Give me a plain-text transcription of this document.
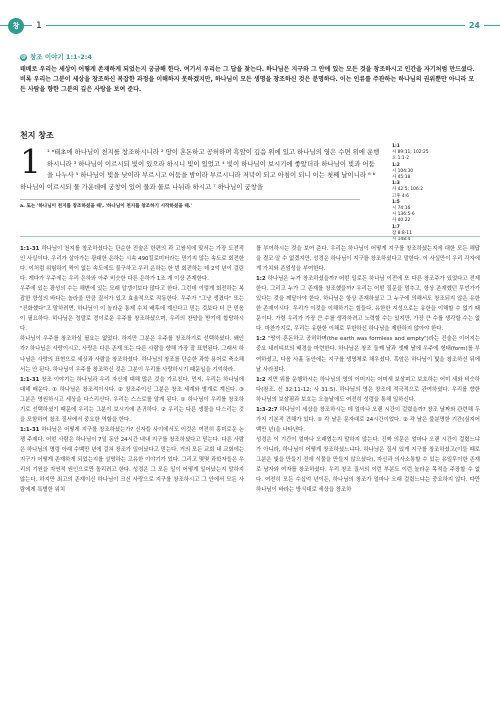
창	1	24
@ 창조 이야기 1:1-2:4

태배로 우리는 세상이 어떻게 존재하게 되었는지 궁금해 한다. 여기서 우리는 그 답을 찾는다. 하나님은 지구와 그 안에 있는 모든 것을 창조하시고 인간을 자기처럼 만드셨다. 비록 우리는 그분이 세상을 창조하신 복잡한 과정을 이해하지 못하겠지만, 하나님이 모든 생명을 창조하신 것은 분명하다. 이는 인류를 주관하는 하나님의 권위뿐만 아니라 모든 사람을 향한 그분의 깊은 사랑을 보여 준다.

천지 창조
1 ¹ ᵃ태초에 하나님이 천지를 창조하시니라 ² 땅이 혼돈하고 공허하며 흑암이 깊음 위에 있고 하나님의 영은 수면 위에 운행하시니라 ³ 하나님이 이르시되 빛이 있으라 하시니 빛이 있었고 ⁴ 빛이 하나님이 보시기에 좋았더라 하나님이 빛과 어둠을 나누사 ⁵ 하나님이 빛을 낮이라 부르시고 어둠을 밤이라 부르시니라 저녁이 되고 아침이 되니 이는 첫째 날이니라 ⁶ ᵇ하나님이 이르시되 물 가운데에 궁창이 있어 물과 물로 나뉘라 하시고 ⁷ 하나님이 궁창을
a. 또는 '하나님이 천지를 창조하셨을 때', '하나님이 천지를 창조하기 시작하셨을 때.'
1:1
시 89:11; 102:25
요 1:1-2
1:2
시 104:30
사 45:18
1:3
사 42:5; 106:2
고후 4:6
1:5
시 74:16
시 136:5-6
사 40:22
1:7
잠 8:8-11
시 148:4

1:1-31 하나님이 천지를 창조하셨다는 단순한 진술은 한편의 과 고쌍식에 맞서는 가장 도전적인 사실이다. 우리가 살아가는 광대한 은하는 시속 490킬로미터라는 믿기지 않는 속도로 회전한다. 이처럼 위험하기 짝이 없는 속도에도 불구하고 우리 은하는 한 번 회전하는 데 2억 년이 걸린다. 게다가 우주에는 우리 은하와 아주 비슷한 다른 은하가 1조 개 이상 존재한다.

우주에 있는 광성의 수는 해변에 있는 모래 알갱이보다 많다고 한다. 그런데 이렇게 회전하는 복잡한 항성의 바다는 놀라울 만큼 질서가 있고 효율적으로 작동한다. 우주가 "그냥 생겼다" 또는 "진화했다"고 말하려면, 하나님이 이 놀라운 통제 수치 배후에 계신다고 믿는 것보다 더 큰 믿음이 필요하다. 하나님은 정말로 경이로운 우주를 창조하셨으며, 우리의 찬양을 받기에 합당하시다.

하나님이 우주를 창조하실 필요는 없었다. 하지만 그분은 우주를 창조하기로 선택하셨다. 왜인가? 하나님은 사랑이시고, 사랑은 다른 존재 또는 다른 사람을 향해 가장 잘 표현된다. 그래서 하나님은 사랑의 표현으로 세상과 사람을 창조하셨다. 하나님의 창조를 단순한 과학 용어로 축소해서는 안 된다. 하나님이 우주를 창조하신 것은 그분이 우리를 사랑하시기 때문임을 기억하라.

1:1-31 창조 이야기는 하나님과 우리 자신에 대해 많은 것을 가르친다. 먼저, 우리는 하나님에 대해 배운다. ① 하나님은 창조적이시다. ② 창조주이신 그분은 창조 세계와 별개로 계신다. ③ 그분은 영원하시고 세상을 다스리신다. 우리는 스스로를 알게 된다. ① 하나님이 우리를 창조하기로 선택하셨기 때문에 우리는 그분이 보시기에 존귀하다. ② 우리는 다른 생물을 다스리는 것을 포함하여 창조 질서에서 중요한 역할을 한다.

1:1-31 하나님은 어떻게 지구를 창조하셨는가? 신자들 사이에서도 이것은 여전히 흥미로운 논쟁 주제다. 어떤 사람은 하나님이 7일 동안 24시간 내내 지구를 창조하셨다고 믿는다. 다른 사람은 하나님의 명령 아래 수백만 년에 걸쳐 창조가 일어났다고 믿는다. 거의 모든 교회 내 교회에는 지구가 어떻게 존재하게 되었는지를 설명하는 고유한 이야기가 있다. 그리고 몇몇 과학자들은 우리의 기원을 자연적 원인으로만 돌리려고 한다. 성경은 그 모든 일이 어떻게 일어났는지 말하지 않는다. 하지만 최고의 존재이신 하나님이 크신 사랑으로 지구를 창조하시고 그 안에서 모든 사람에게 특별한 위치

를 부여하시는 것을 보여 준다. 우리는 하나님이 어떻게 지구를 창조하셨는지에 대한 모든 해답을 결코 알 수 없겠지만, 성경은 하나님이 지구를 창조하셨다고 말한다. 이 사실만이 우리 각자에게 가치와 존엄성을 부여한다.

1:2 하나님은 누가 창조하셨을까? 어떤 일로든 하나님 이전에 또 다른 창조주가 있었다고 전제한다. 그리고 누가 그 존재를 창조했을까? 우리는 어떤 질문을 멈추고, 항상 존재했던 무언가가 있다는 것을 깨달아야 한다. 하나님은 항상 존재하셨고 그 누구에 의해서도 창조되지 않은 유한한 존재이시다. 우리가 이것을 이해하기는 힘들다. 유한한 지성으로는 유한을 이해할 수 없기 때문이다. 가령 우리가 가장 큰 수를 생각하려고 노력할 수는 있지만, 가장 큰 수를 생각할 수는 없다. 마찬가지로, 우리는 유한한 이해로 무한하신 하나님을 제한하지 않아야 한다.

1:2 "땅이 혼돈하고 공허하며(the earth was formless and empty")라는 진술은 이어지는 중요 내러티브의 배경을 마련한다. 하나님은 창조 둘째 날과 셋째 날에 우주에 형태(form)를 부여하셨고, 다음 사흘 동안에는 지구를 생명체로 채우셨다. 흑암은 하나님이 빛을 창조하신 뒤에 낱 사라졌다.

1:2 지면 위를 운행하시는 하나님의 영의 이미지는 어미새 보살펴고 보호하는 어미 새와 비슷하다(참조. 신 32:11-12; 사 31:5). 하나님의 영은 창조에 적극적으로 관여하셨다. 우리를 향한 하나님의 보살핌과 보호는 오늘날에도 여전히 성령을 통해 일하신다.

1:3-2:7 하나님이 세상을 창조하시는 데 얼마나 오랜 시간이 걸렸을까? 창조 날짜와 관련해 두 가지 기본적 견해가 있다. ① 각 날은 문자대로 24시간이었다. ② 각 날은 불분명한 기간(심지어 백만 년)을 나타낸다.

성경은 이 기간이 얼마나 오래였는지 말하지 않는다. 진짜 의문은 얼마나 오랜 시간이 걸렸느냐가 아니라, 하나님이 어떻게 창조하셨느냐다. 하나님은 질서 있게 지구를 창조하셨고(이들 때로 그분은 빛을 만들기 전에 식물을 만들지 않으셨다), 자신과 의사소통할 수 있는 유일무이한 존재로 남자와 여자를 창조하셨다. 우리 창조 질서의 이런 부분도 이런 놀라운 목적을 주장할 수 없다. 여전히 모든 수십억 년이든, 하나님의 창조가 얼마나 오래 걸렸느냐는 중요하지 않다. 다만 하나님이 바라는 방식대로 세상을 창조하
